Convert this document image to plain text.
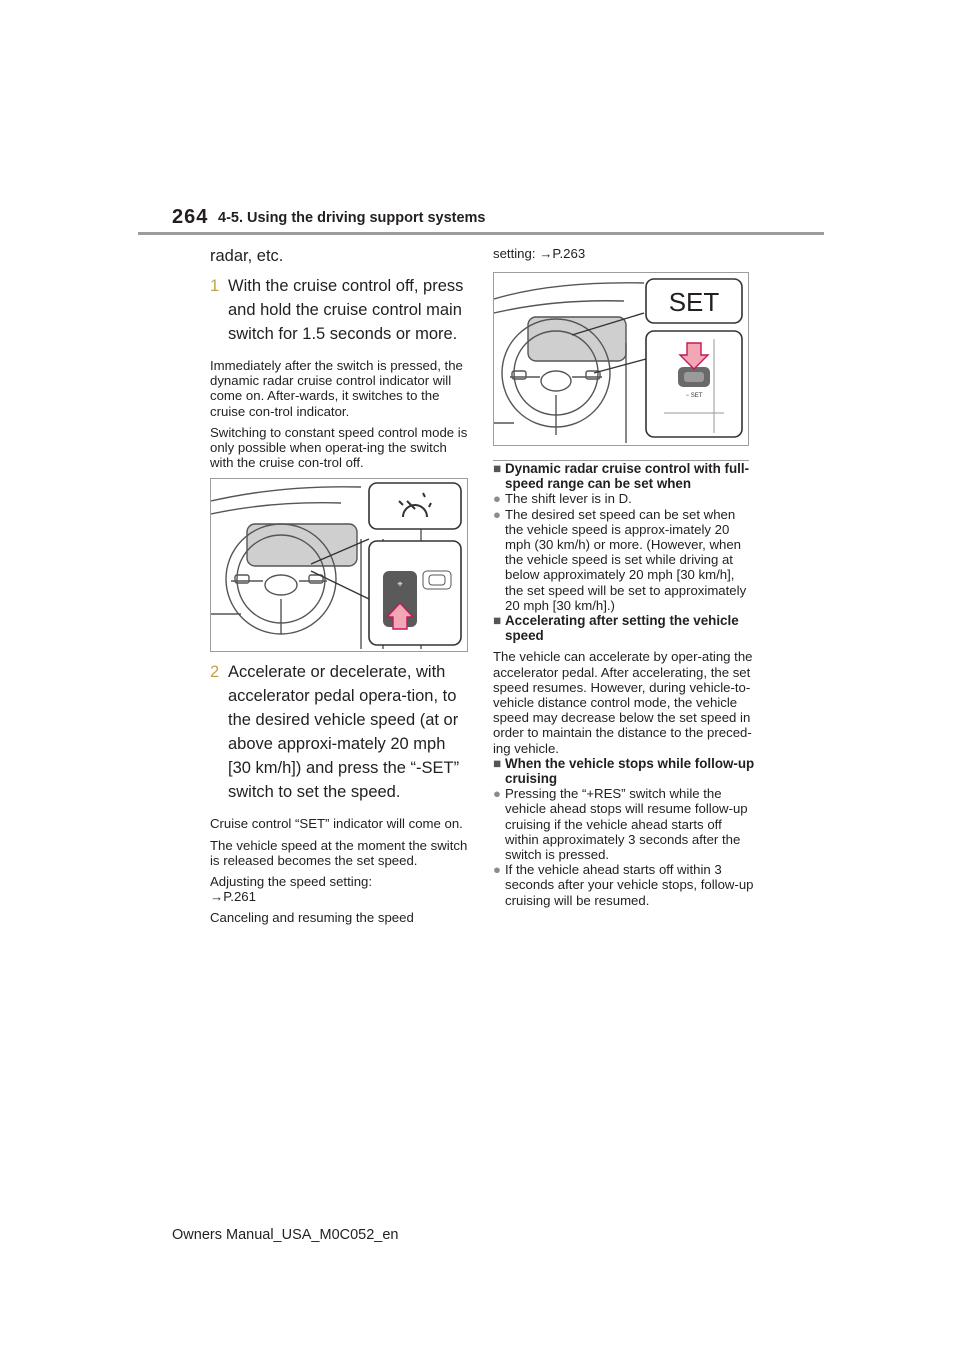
264 4-5. Using the driving support systems

radar, etc.

1 With the cruise control off, press and hold the cruise control main switch for 1.5 seconds or more.

Immediately after the switch is pressed, the dynamic radar cruise control indicator will come on. After-wards, it switches to the cruise con-trol indicator.

Switching to constant speed control mode is only possible when operat-ing the switch with the cruise con-trol off.

⌖
2 Accelerate or decelerate, with accelerator pedal opera-tion, to the desired vehicle speed (at or above approxi-mately 20 mph [30 km/h]) and press the “-SET” switch to set the speed.

Cruise control “SET” indicator will come on.

The vehicle speed at the moment the switch is released becomes the set speed.

Adjusting the speed setting:
→P.261

Canceling and resuming the speed

setting: →P.263

SET
− SET
■ Dynamic radar cruise control with full-speed range can be set when
● The shift lever is in D.
● The desired set speed can be set when the vehicle speed is approx-imately 20 mph (30 km/h) or more. (However, when the vehicle speed is set while driving at below approximately 20 mph [30 km/h], the set speed will be set to approximately 20 mph [30 km/h].)
■ Accelerating after setting the vehicle speed

The vehicle can accelerate by oper-ating the accelerator pedal. After accelerating, the set speed resumes. However, during vehicle-to-vehicle distance control mode, the vehicle speed may decrease below the set speed in order to maintain the distance to the preced-ing vehicle.

■ When the vehicle stops while follow-up cruising
● Pressing the “+RES” switch while the vehicle ahead stops will resume follow-up cruising if the vehicle ahead starts off within approximately 3 seconds after the switch is pressed.
● If the vehicle ahead starts off within 3 seconds after your vehicle stops, follow-up cruising will be resumed.
Owners Manual_USA_M0C052_en
